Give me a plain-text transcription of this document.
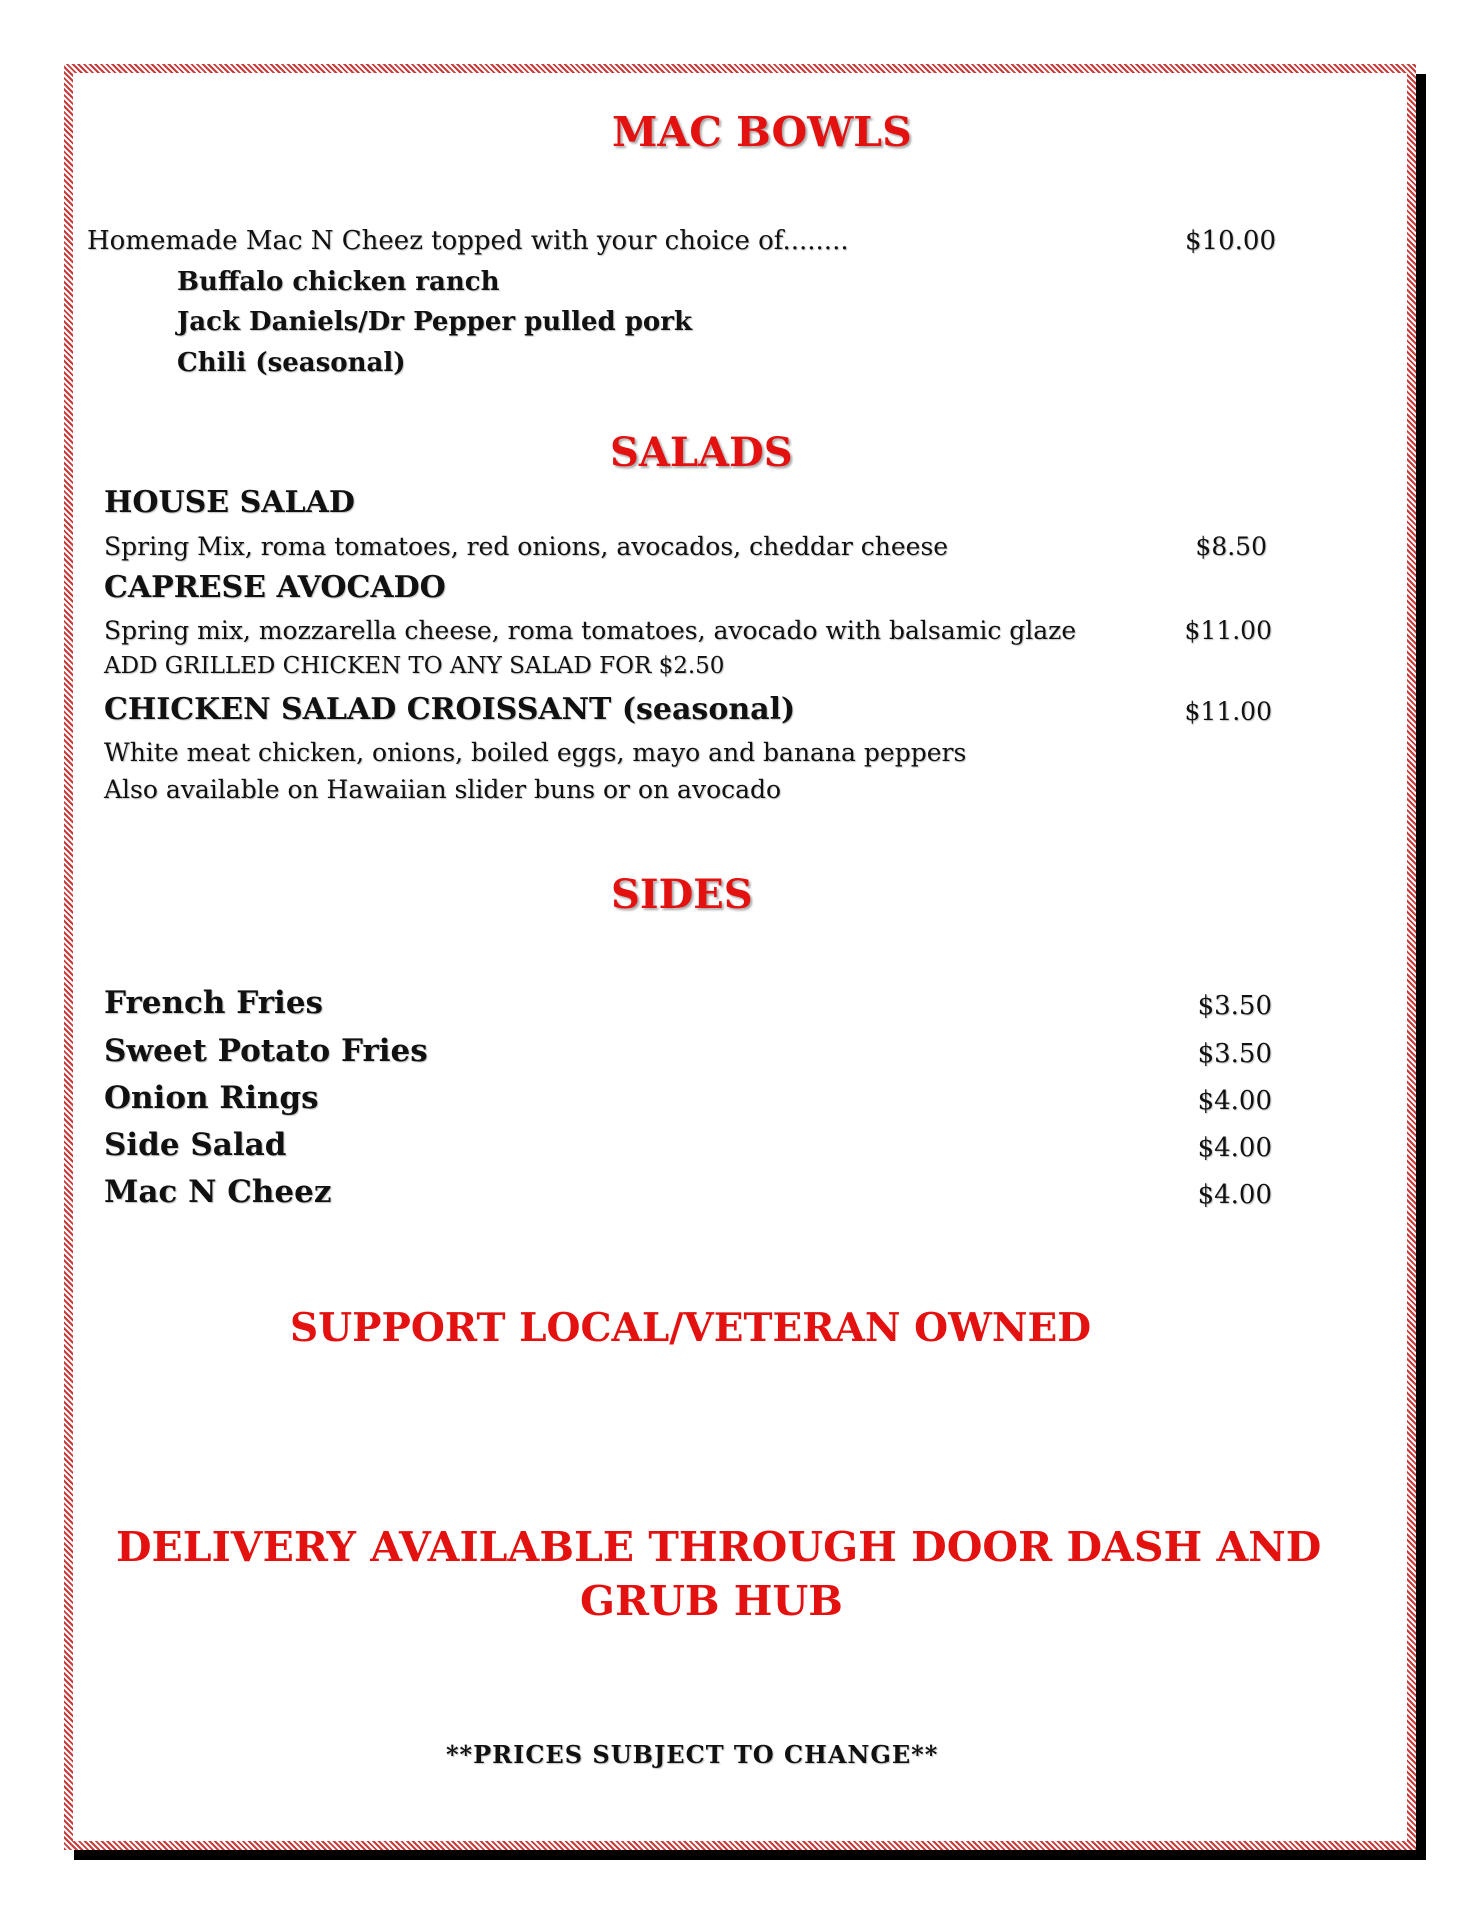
MAC BOWLS

Homemade Mac N Cheez topped with your choice of........	$10.00

Buffalo chicken ranch

Jack Daniels/Dr Pepper pulled pork

Chili (seasonal)

SALADS

HOUSE SALAD

Spring Mix, roma tomatoes, red onions, avocados, cheddar cheese	$8.50

CAPRESE AVOCADO

Spring mix, mozzarella cheese, roma tomatoes, avocado with balsamic glaze	$11.00

ADD GRILLED CHICKEN TO ANY SALAD FOR $2.50

CHICKEN SALAD CROISSANT (seasonal)	$11.00

White meat chicken, onions, boiled eggs, mayo and banana peppers

Also available on Hawaiian slider buns or on avocado

SIDES

French Fries	$3.50

Sweet Potato Fries	$3.50

Onion Rings	$4.00

Side Salad	$4.00

Mac N Cheez	$4.00

SUPPORT LOCAL/VETERAN OWNED

DELIVERY AVAILABLE THROUGH DOOR DASH AND

GRUB HUB

**PRICES SUBJECT TO CHANGE**
